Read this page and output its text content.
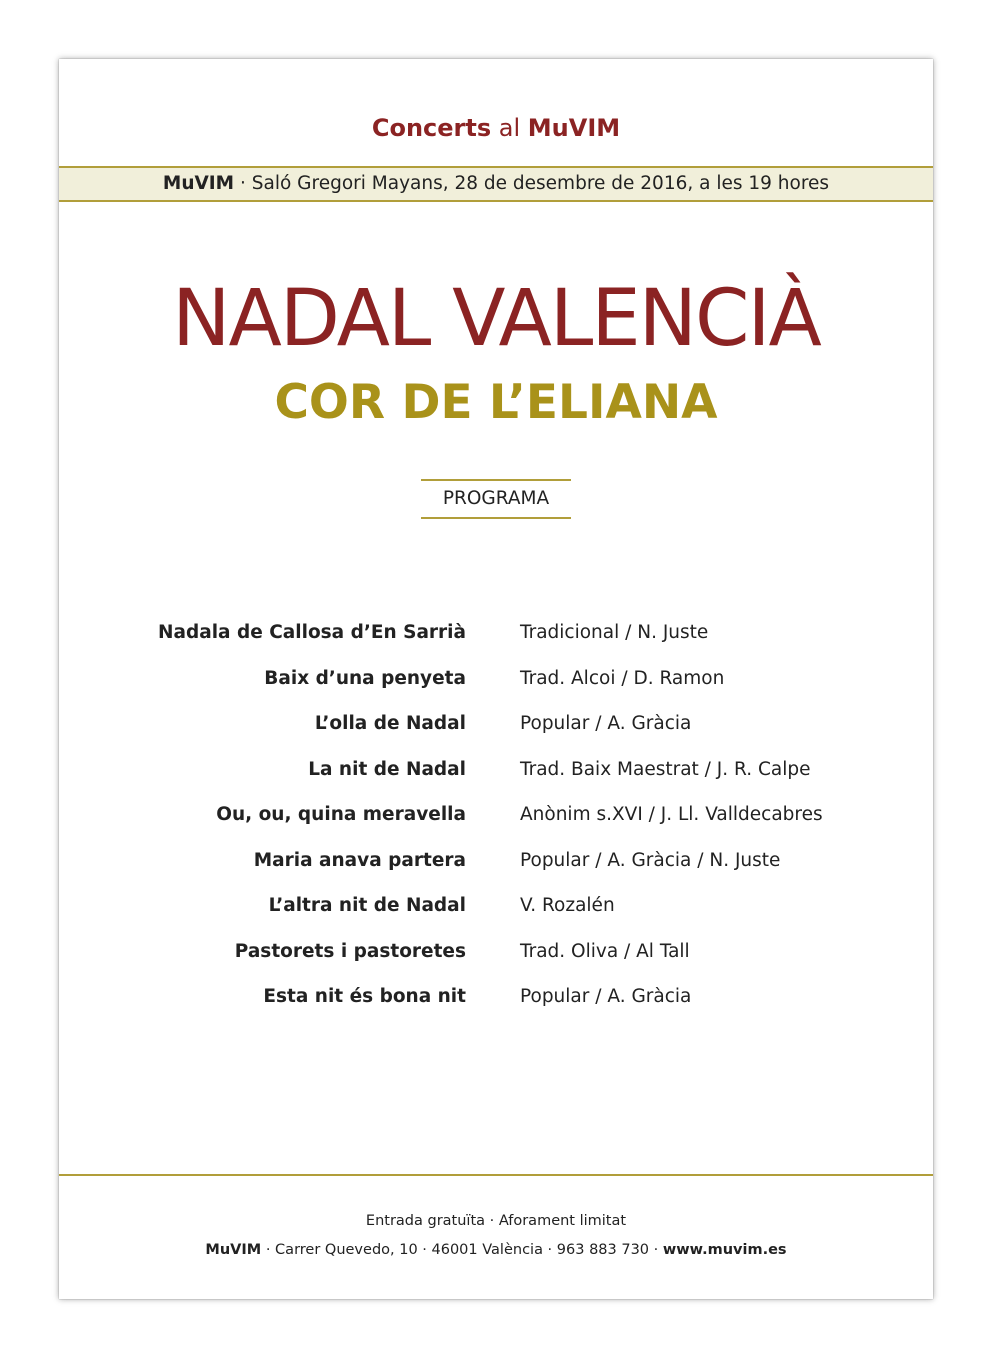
Concerts al MuVIM
MuVIM · Saló Gregori Mayans, 28 de desembre de 2016, a les 19 hores
NADAL VALENCIÀ
COR DE L’ELIANA
PROGRAMA
Nadala de Callosa d’En Sarrià	Tradicional / N. Juste
Baix d’una penyeta	Trad. Alcoi / D. Ramon
L’olla de Nadal	Popular / A. Gràcia
La nit de Nadal	Trad. Baix Maestrat / J. R. Calpe
Ou, ou, quina meravella	Anònim s.XVI / J. Ll. Valldecabres
Maria anava partera	Popular / A. Gràcia / N. Juste
L’altra nit de Nadal	V. Rozalén
Pastorets i pastoretes	Trad. Oliva / Al Tall
Esta nit és bona nit	Popular / A. Gràcia
Entrada gratuïta · Aforament limitat
MuVIM · Carrer Quevedo, 10 · 46001 València · 963 883 730 · www.muvim.es
